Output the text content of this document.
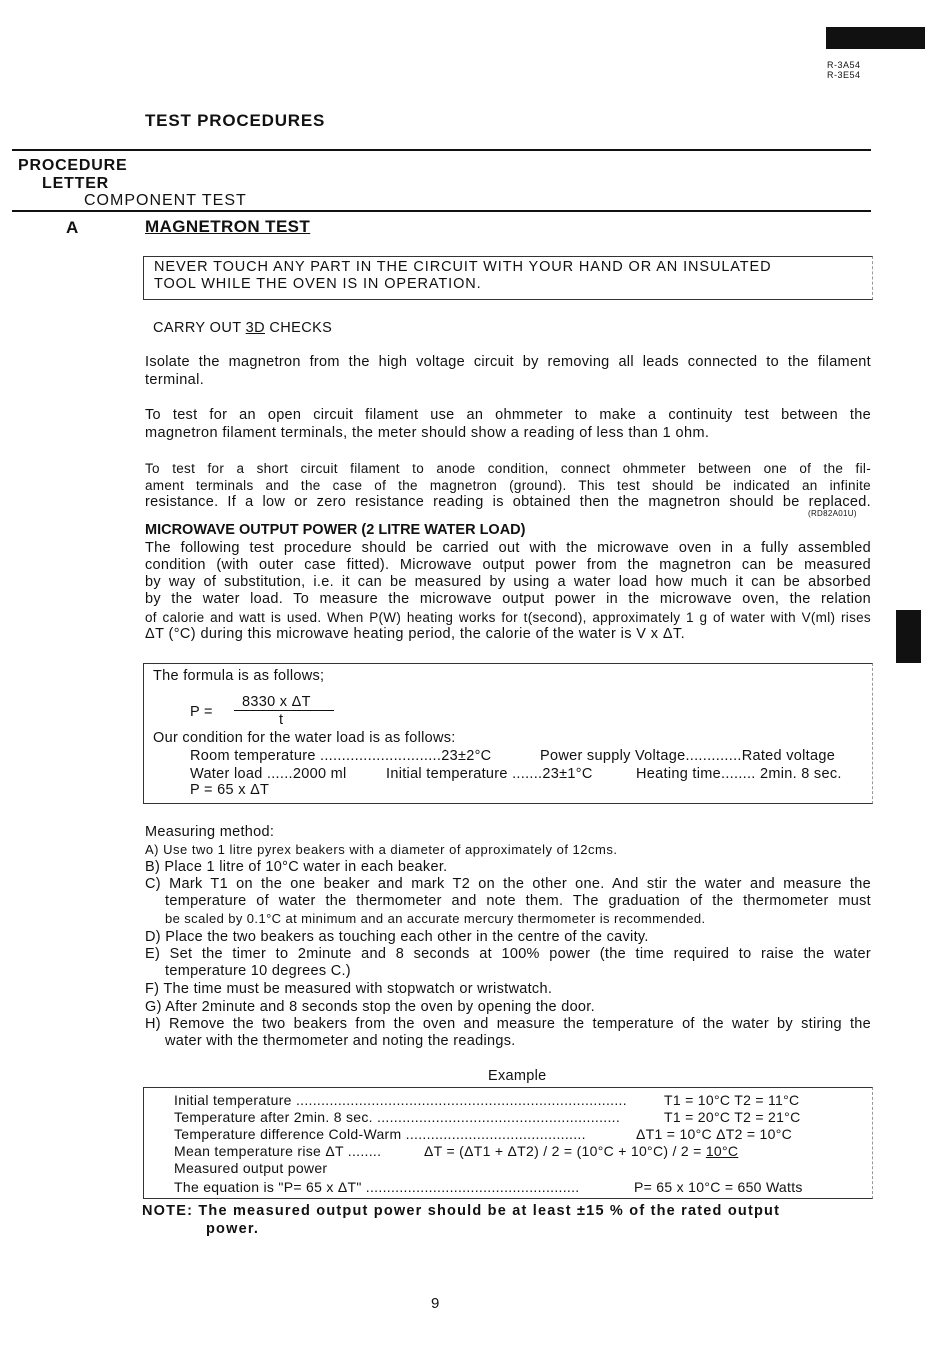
R-3A54
R-3E54
TEST PROCEDURES
PROCEDURE
LETTER
COMPONENT TEST
A	MAGNETRON TEST
NEVER TOUCH ANY PART IN THE CIRCUIT WITH YOUR HAND OR AN INSULATED
TOOL WHILE THE OVEN IS IN OPERATION.
CARRY OUT 3D CHECKS
Isolate the magnetron from the high voltage circuit by removing all leads connected to the filament
terminal.
To test for an open circuit filament use an ohmmeter to make a continuity test between the
magnetron filament terminals, the meter should show a reading of less than 1 ohm.
To test for a short circuit filament to anode condition, connect ohmmeter between one of the fil-
ament terminals and the case of the magnetron (ground). This test should be indicated an infinite
resistance. If a low or zero resistance reading is obtained then the magnetron should be replaced.
(RD82A01U)
MICROWAVE OUTPUT POWER (2 LITRE WATER LOAD)
The following test procedure should be carried out with the microwave oven in a fully assembled
condition (with outer case fitted). Microwave output power from the magnetron can be measured
by way of substitution, i.e. it can be measured by using a water load how much it can be absorbed
by the water load. To measure the microwave output power in the microwave oven, the relation
of calorie and watt is used. When P(W) heating works for t(second), approximately 1 g of water with V(ml) rises
ΔT (°C) during this microwave heating period, the calorie of the water is V x ΔT.
The formula is as follows;
P =
8330 x ΔT
t
Our condition for the water load is as follows:
Room temperature ............................23±2°C	Power supply Voltage.............Rated voltage
Water load ......2000 ml	Initial temperature .......23±1°C	Heating time........ 2min. 8 sec.
P = 65 x ΔT
Measuring method:
A) Use two 1 litre pyrex beakers with a diameter of approximately of 12cms.
B) Place 1 litre of 10°C water in each beaker.
C) Mark T1 on the one beaker and mark T2 on the other one. And stir the water and measure the
temperature of water the thermometer and note them. The graduation of the thermometer must
be scaled by 0.1°C at minimum and an accurate mercury thermometer is recommended.
D) Place the two beakers as touching each other in the centre of the cavity.
E) Set the timer to 2minute and 8 seconds at 100% power (the time required to raise the water
temperature 10 degrees C.)
F) The time must be measured with stopwatch or wristwatch.
G) After 2minute and 8 seconds stop the oven by opening the door.
H) Remove the two beakers from the oven and measure the temperature of the water by stiring the
water with the thermometer and noting the readings.
Example
Initial temperature ...............................................................................	T1 = 10°C T2 = 11°C
Temperature after 2min. 8 sec. ..........................................................	T1 = 20°C T2 = 21°C
Temperature difference Cold-Warm ...........................................	ΔT1 = 10°C ΔT2 = 10°C
Mean temperature rise ΔT ........	ΔT = (ΔT1 + ΔT2) / 2 = (10°C + 10°C) / 2 = 10°C
Measured output power
The equation is "P= 65 x ΔT" ...................................................	P= 65 x 10°C = 650 Watts
NOTE: The measured output power should be at least ±15 % of the rated output
power.
9
